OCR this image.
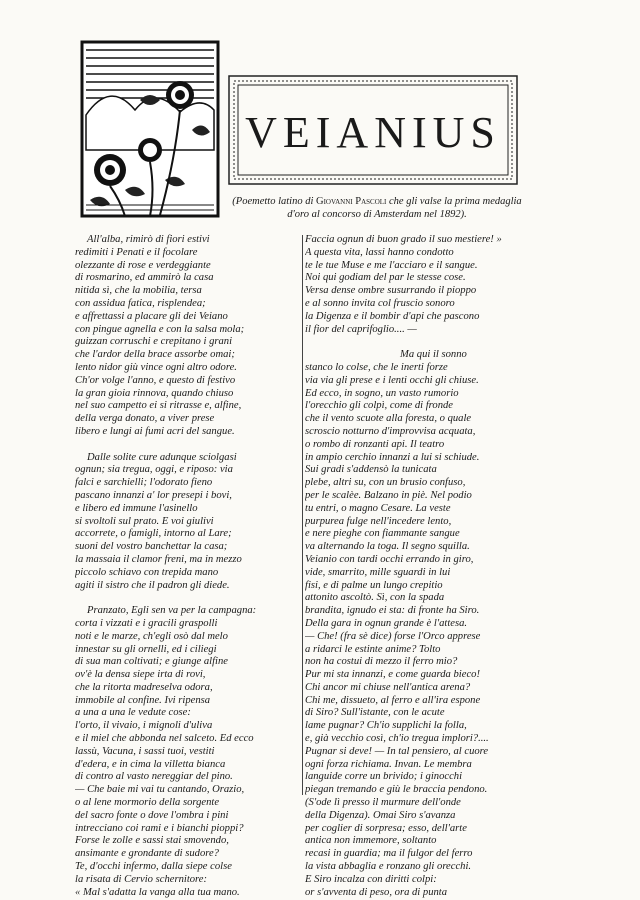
VEIANIUS
(Poemetto latino di Giovanni Pascoli che gli valse la prima medaglia d'oro al concorso di Amsterdam nel 1892).
All'alba, rimirò di fiori estivi
redimiti i Penati e il focolare
olezzante di rose e verdeggiante
di rosmarino, ed ammirò la casa
nitida sì, che la mobilia, tersa
con assidua fatica, risplendea;
e affrettassi a placare gli dei Veiano
con pingue agnella e con la salsa mola;
guizzan corruschi e crepitano i grani
che l'ardor della brace assorbe omai;
lento nidor giù vince ogni altro odore.
Ch'or volge l'anno, e questo di festivo
la gran gioia rinnova, quando chiuso
nel suo campetto ei si ritrasse e, alfine,
della verga donato, a viver prese
libero e lungi ai fumi acri del sangue.
Dalle solite cure adunque sciolgasi
ognun; sia tregua, oggi, e riposo: via
falci e sarchielli; l'odorato fieno
pascano innanzi a' lor presepi i bovi,
e libero ed immune l'asinello
si svoltoli sul prato. E voi giulivi
accorrete, o famigli, intorno al Lare;
suoni del vostro banchettar la casa;
la massaia il clamor freni, ma in mezzo
piccolo schiavo con trepida mano
agiti il sistro che il padron gli diede.
Pranzato, Egli sen va per la campagna:
corta i vizzati e i gracili graspolli
noti e le marze, ch'egli osò dal melo
innestar su gli ornelli, ed i ciliegi
di sua man coltivati; e giunge alfine
ov'è la densa siepe irta di rovi,
che la ritorta madreselva odora,
immobile al confine. Ivi ripensa
a una a una le vedute cose:
l'orto, il vivaio, i mignoli d'uliva
e il miel che abbonda nel salceto. Ed ecco
lassù, Vacuna, i sassi tuoi, vestiti
d'edera, e in cima la villetta bianca
di contro al vasto nereggiar del pino.
— Che baie mi vai tu cantando, Orazio,
o al lene mormorio della sorgente
del sacro fonte o dove l'ombra i pini
intrecciano coi rami e i bianchi pioppi?
Forse le zolle e sassi stai smovendo,
ansimante e grondante di sudore?
Te, d'occhi infermo, dalla siepe colse
la risata di Cervio schernitore:
« Mal s'adatta la vanga alla tua mano.
Faccia ognun di buon grado il suo mestiere! »
A questa vita, lassi hanno condotto
te le tue Muse e me l'acciaro e il sangue.
Noi qui godiam del par le stesse cose.
Versa dense ombre susurrando il pioppo
e al sonno invita col fruscio sonoro
la Digenza e il bombir d'api che pascono
il fior del caprifoglio.... —
Ma qui il sonno
stanco lo colse, che le inerti forze
via via gli prese e i lenti occhi gli chiuse.
Ed ecco, in sogno, un vasto rumorio
l'orecchio gli colpì, come di fronde
che il vento scuote alla foresta, o quale
scroscio notturno d'improvvisa acquata,
o rombo di ronzanti api. Il teatro
in ampio cerchio innanzi a lui si schiude.
Sui gradi s'addensò la tunicata
plebe, altri su, con un brusio confuso,
per le scalèe. Balzano in piè. Nel podio
tu entri, o magno Cesare. La veste
purpurea fulge nell'incedere lento,
e nere pieghe con fiammante sangue
va alternando la toga. Il segno squilla.
Veianio con tardi occhi errando in giro,
vide, smarrito, mille sguardi in lui
fisi, e di palme un lungo crepitio
attonito ascoltò. Sì, con la spada
brandita, ignudo ei sta: di fronte ha Siro.
Della gara in ognun grande è l'attesa.
— Che! (fra sè dice) forse l'Orco apprese
a ridarci le estinte anime? Tolto
non ha costui di mezzo il ferro mio?
Pur mi sta innanzi, e come guarda bieco!
Chi ancor mi chiuse nell'antica arena?
Chi me, dissueto, al ferro e all'ira espone
di Siro? Sull'istante, con le acute
lame pugnar? Ch'io supplichi la folla,
e, già vecchio così, ch'io tregua implori?....
Pugnar si deve! — In tal pensiero, al cuore
ogni forza richiama. Invan. Le membra
languide corre un brivido; i ginocchi
piegan tremando e giù le braccia pendono.
(S'ode lì presso il murmure dell'onde
della Digenza). Omai Siro s'avanza
per coglier di sorpresa; esso, dell'arte
antica non immemore, soltanto
recasi in guardia; ma il fulgor del ferro
la vista abbaglia e ronzano gli orecchi.
E Siro incalza con diritti colpi:
or s'avventa di peso, ora di punta
